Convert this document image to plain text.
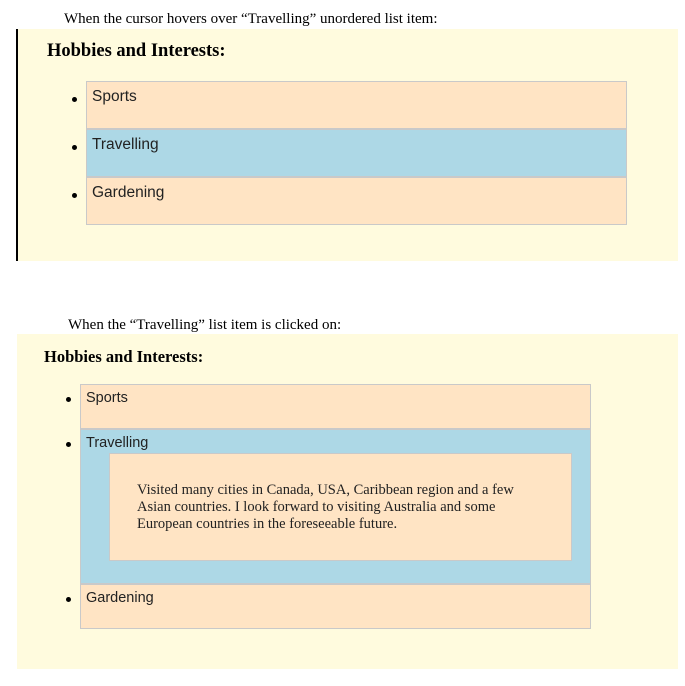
When the cursor hovers over “Travelling” unordered list item:
Hobbies and Interests:
Sports
Travelling
Gardening
When the “Travelling” list item is clicked on:
Hobbies and Interests:
Sports
Travelling
Visited many cities in Canada, USA, Caribbean region and a few Asian countries. I look forward to visiting Australia and some European countries in the foreseeable future.
Gardening
